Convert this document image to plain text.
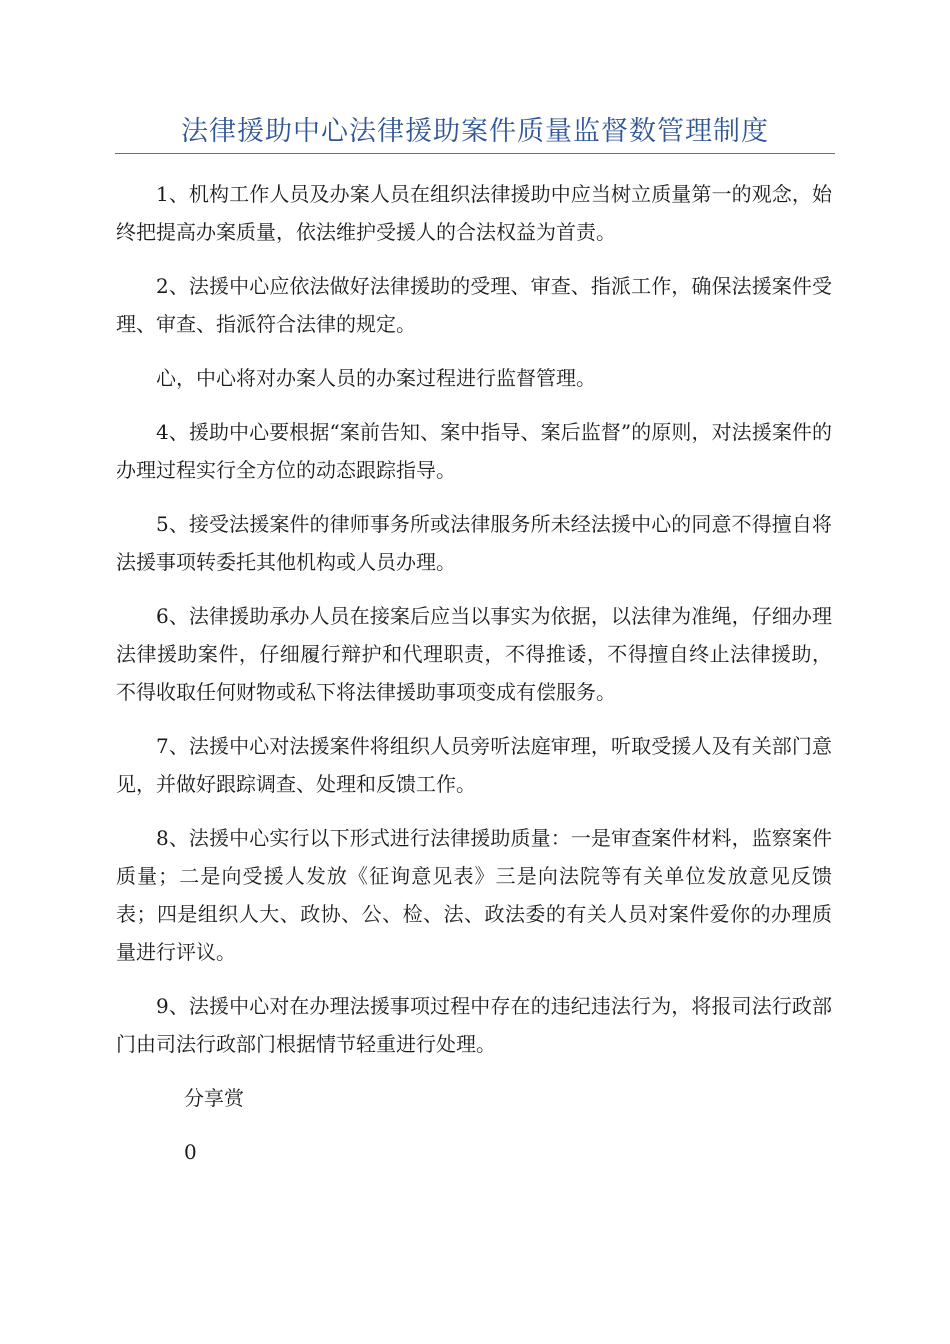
法律援助中心法律援助案件质量监督数管理制度

1、机构工作人员及办案人员在组织法律援助中应当树立质量第一的观念，始终把提高办案质量，依法维护受援人的合法权益为首责。

2、法援中心应依法做好法律援助的受理、审查、指派工作，确保法援案件受理、审查、指派符合法律的规定。

心，中心将对办案人员的办案过程进行监督管理。

4、援助中心要根据“案前告知、案中指导、案后监督”的原则，对法援案件的办理过程实行全方位的动态跟踪指导。

5、接受法援案件的律师事务所或法律服务所未经法援中心的同意不得擅自将法援事项转委托其他机构或人员办理。

6、法律援助承办人员在接案后应当以事实为依据，以法律为准绳，仔细办理法律援助案件，仔细履行辩护和代理职责，不得推诿，不得擅自终止法律援助，不得收取任何财物或私下将法律援助事项变成有偿服务。

7、法援中心对法援案件将组织人员旁听法庭审理，听取受援人及有关部门意见，并做好跟踪调查、处理和反馈工作。

8、法援中心实行以下形式进行法律援助质量：一是审查案件材料，监察案件质量；二是向受援人发放《征询意见表》三是向法院等有关单位发放意见反馈表；四是组织人大、政协、公、检、法、政法委的有关人员对案件爱你的办理质量进行评议。

9、法援中心对在办理法援事项过程中存在的违纪违法行为，将报司法行政部门由司法行政部门根据情节轻重进行处理。

分享赏
0
